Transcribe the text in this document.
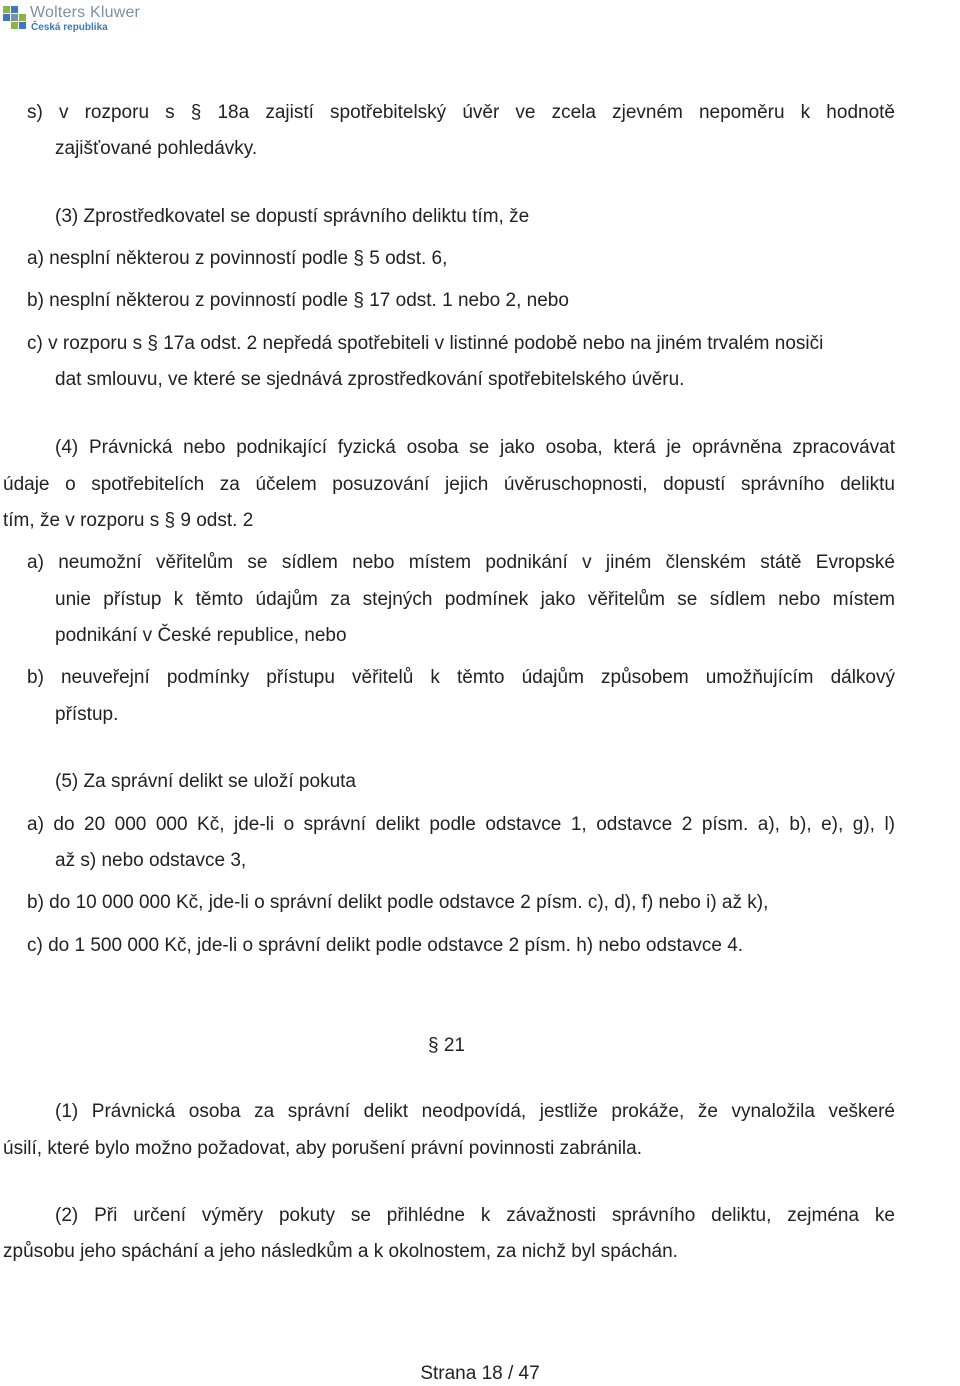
Wolters Kluwer
Česká republika
s) v rozporu s § 18a zajistí spotřebitelský úvěr ve zcela zjevném nepoměru k hodnotě
zajišťované pohledávky.
(3) Zprostředkovatel se dopustí správního deliktu tím, že
a) nesplní některou z povinností podle § 5 odst. 6,
b) nesplní některou z povinností podle § 17 odst. 1 nebo 2, nebo
c) v rozporu s § 17a odst. 2 nepředá spotřebiteli v listinné podobě nebo na jiném trvalém nosiči
dat smlouvu, ve které se sjednává zprostředkování spotřebitelského úvěru.
(4) Právnická nebo podnikající fyzická osoba se jako osoba, která je oprávněna zpracovávat
údaje o spotřebitelích za účelem posuzování jejich úvěruschopnosti, dopustí správního deliktu
tím, že v rozporu s § 9 odst. 2
a) neumožní věřitelům se sídlem nebo místem podnikání v jiném členském státě Evropské
unie přístup k těmto údajům za stejných podmínek jako věřitelům se sídlem nebo místem
podnikání v České republice, nebo
b) neuveřejní podmínky přístupu věřitelů k těmto údajům způsobem umožňujícím dálkový
přístup.
(5) Za správní delikt se uloží pokuta
a) do 20 000 000 Kč, jde-li o správní delikt podle odstavce 1, odstavce 2 písm. a), b), e), g), l)
až s) nebo odstavce 3,
b) do 10 000 000 Kč, jde-li o správní delikt podle odstavce 2 písm. c), d), f) nebo i) až k),
c) do 1 500 000 Kč, jde-li o správní delikt podle odstavce 2 písm. h) nebo odstavce 4.
§ 21
(1) Právnická osoba za správní delikt neodpovídá, jestliže prokáže, že vynaložila veškeré
úsilí, které bylo možno požadovat, aby porušení právní povinnosti zabránila.
(2) Při určení výměry pokuty se přihlédne k závažnosti správního deliktu, zejména ke
způsobu jeho spáchání a jeho následkům a k okolnostem, za nichž byl spáchán.
Strana 18 / 47
